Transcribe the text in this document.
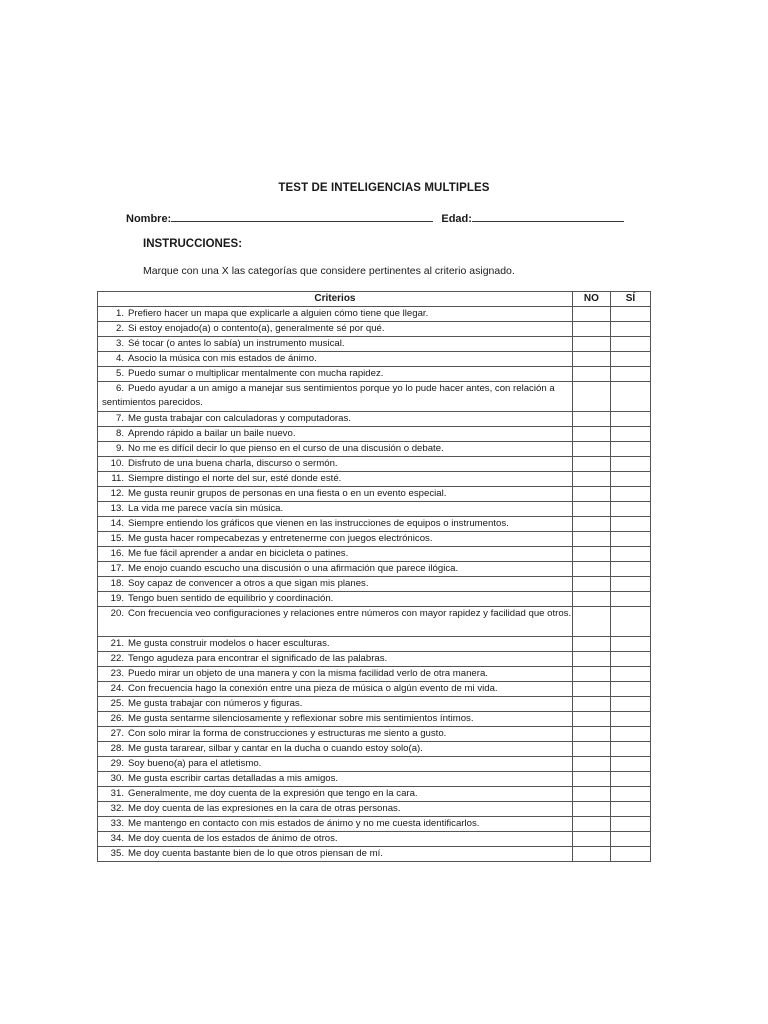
TEST DE INTELIGENCIAS MULTIPLES
Nombre:	Edad:
INSTRUCCIONES:
Marque con una X las categorías que considere pertinentes al criterio asignado.
Criterios	NO	SÍ
1. Prefiero hacer un mapa que explicarle a alguien cómo tiene que llegar.		
2. Si estoy enojado(a) o contento(a), generalmente sé por qué.		
3. Sé tocar (o antes lo sabía) un instrumento musical.		
4. Asocio la música con mis estados de ánimo.		
5. Puedo sumar o multiplicar mentalmente con mucha rapidez.		
6. Puedo ayudar a un amigo a manejar sus sentimientos porque yo lo pude hacer antes, con relación a sentimientos parecidos.		
7. Me gusta trabajar con calculadoras y computadoras.		
8. Aprendo rápido a bailar un baile nuevo.		
9. No me es difícil decir lo que pienso en el curso de una discusión o debate.		
10. Disfruto de una buena charla, discurso o sermón.		
11. Siempre distingo el norte del sur, esté donde esté.		
12. Me gusta reunir grupos de personas en una fiesta o en un evento especial.		
13. La vida me parece vacía sin música.		
14. Siempre entiendo los gráficos que vienen en las instrucciones de equipos o instrumentos.		
15. Me gusta hacer rompecabezas y entretenerme con juegos electrónicos.		
16. Me fue fácil aprender a andar en bicicleta o patines.		
17. Me enojo cuando escucho una discusión o una afirmación que parece ilógica.		
18. Soy capaz de convencer a otros a que sigan mis planes.		
19. Tengo buen sentido de equilibrio y coordinación.		
20. Con frecuencia veo configuraciones y relaciones entre números con mayor rapidez y facilidad que otros.		
21. Me gusta construir modelos o hacer esculturas.		
22. Tengo agudeza para encontrar el significado de las palabras.		
23. Puedo mirar un objeto de una manera y con la misma facilidad verlo de otra manera.		
24. Con frecuencia hago la conexión entre una pieza de música o algún evento de mi vida.		
25. Me gusta trabajar con números y figuras.		
26. Me gusta sentarme silenciosamente y reflexionar sobre mis sentimientos íntimos.		
27. Con solo mirar la forma de construcciones y estructuras me siento a gusto.		
28. Me gusta tararear, silbar y cantar en la ducha o cuando estoy solo(a).		
29. Soy bueno(a) para el atletismo.		
30. Me gusta escribir cartas detalladas a mis amigos.		
31. Generalmente, me doy cuenta de la expresión que tengo en la cara.		
32. Me doy cuenta de las expresiones en la cara de otras personas.		
33. Me mantengo en contacto con mis estados de ánimo y no me cuesta identificarlos.		
34. Me doy cuenta de los estados de ánimo de otros.		
35. Me doy cuenta bastante bien de lo que otros piensan de mí.		
